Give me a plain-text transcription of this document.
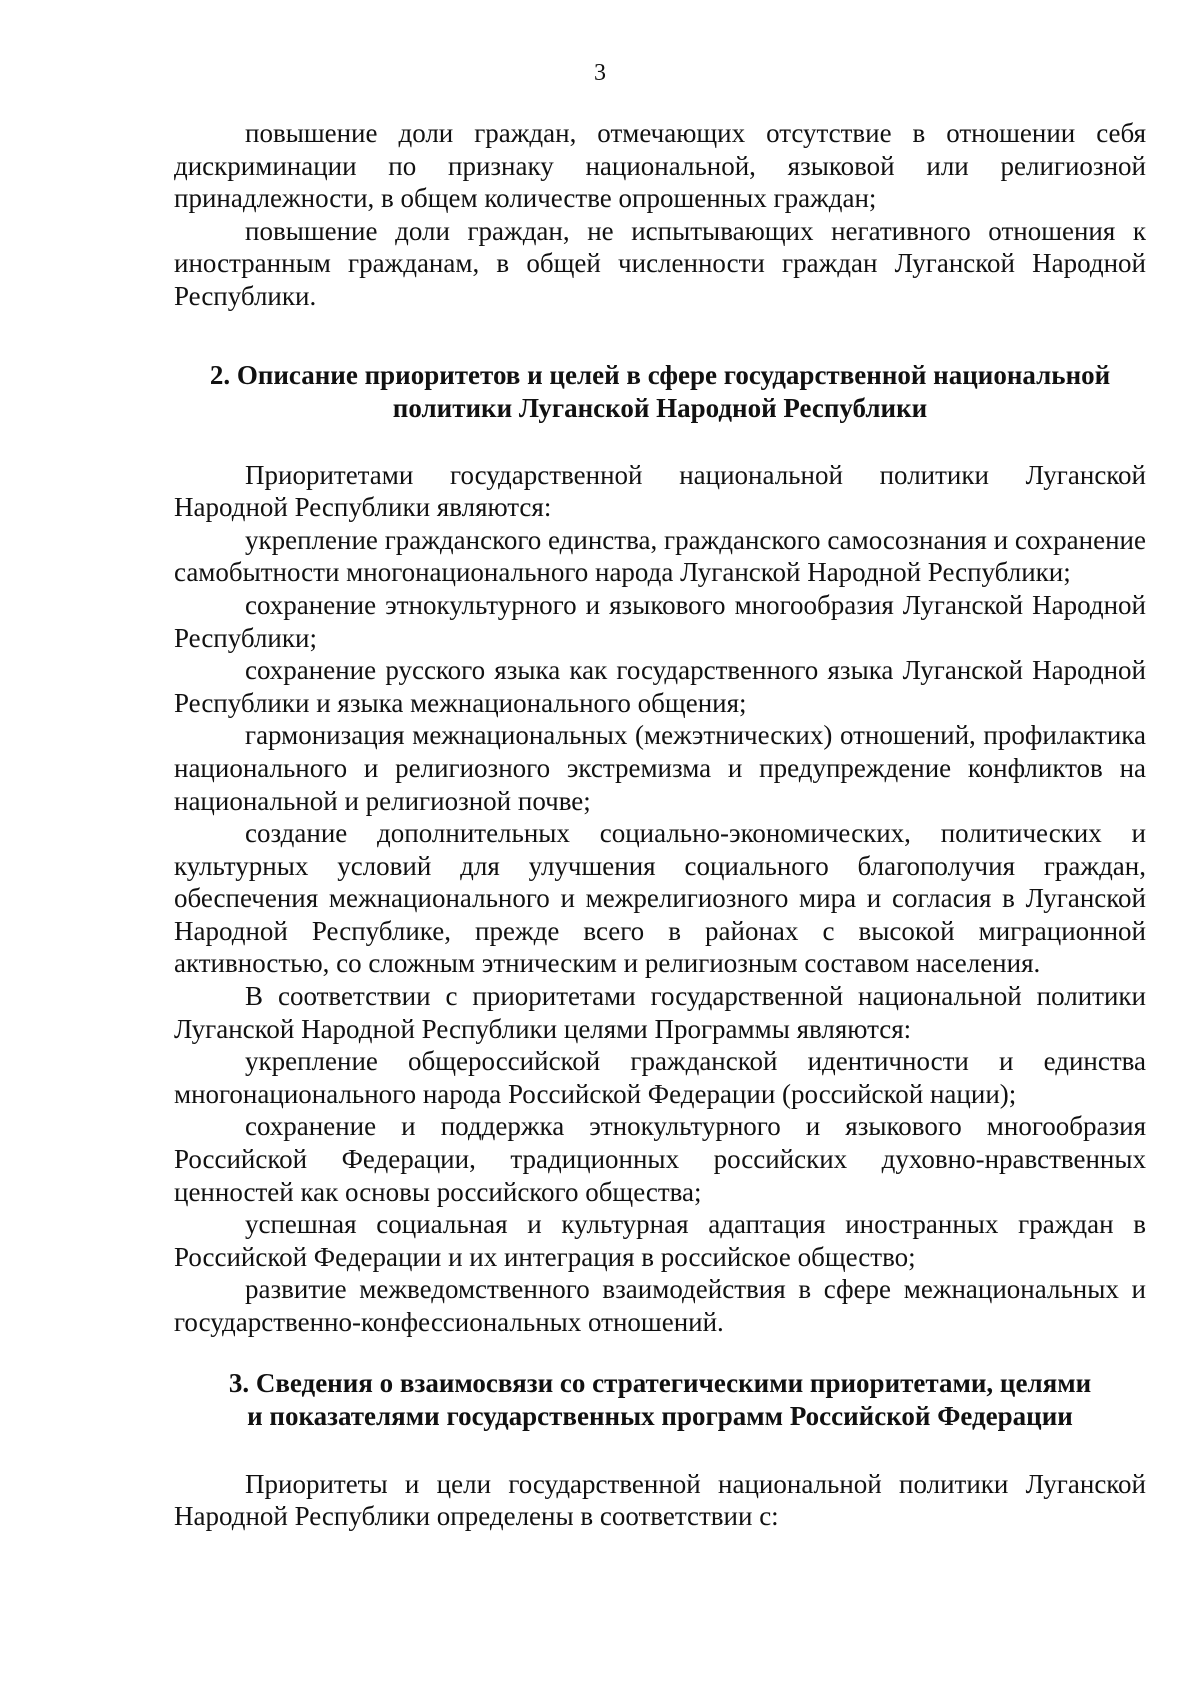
3

повышение доли граждан, отмечающих отсутствие в отношении себя дискриминации по признаку национальной, языковой или религиозной принадлежности, в общем количестве опрошенных граждан;

повышение доли граждан, не испытывающих негативного отношения к иностранным гражданам, в общей численности граждан Луганской Народной Республики.

2. Описание приоритетов и целей в сфере государственной национальной
политики Луганской Народной Республики

Приоритетами государственной национальной политики Луганской Народной Республики являются:

укрепление гражданского единства, гражданского самосознания и сохранение самобытности многонационального народа Луганской Народной Республики;

сохранение этнокультурного и языкового многообразия Луганской Народной Республики;

сохранение русского языка как государственного языка Луганской Народной Республики и языка межнационального общения;

гармонизация межнациональных (межэтнических) отношений, профилактика национального и религиозного экстремизма и предупреждение конфликтов на национальной и религиозной почве;

создание дополнительных социально-экономических, политических и культурных условий для улучшения социального благополучия граждан, обеспечения межнационального и межрелигиозного мира и согласия в Луганской Народной Республике, прежде всего в районах с высокой миграционной активностью, со сложным этническим и религиозным составом населения.

В соответствии с приоритетами государственной национальной политики Луганской Народной Республики целями Программы являются:

укрепление общероссийской гражданской идентичности и единства многонационального народа Российской Федерации (российской нации);

сохранение и поддержка этнокультурного и языкового многообразия Российской Федерации, традиционных российских духовно-нравственных ценностей как основы российского общества;

успешная социальная и культурная адаптация иностранных граждан в Российской Федерации и их интеграция в российское общество;

развитие межведомственного взаимодействия в сфере межнациональных и государственно-конфессиональных отношений.

3. Сведения о взаимосвязи со стратегическими приоритетами, целями
и показателями государственных программ Российской Федерации

Приоритеты и цели государственной национальной политики Луганской Народной Республики определены в соответствии с:
